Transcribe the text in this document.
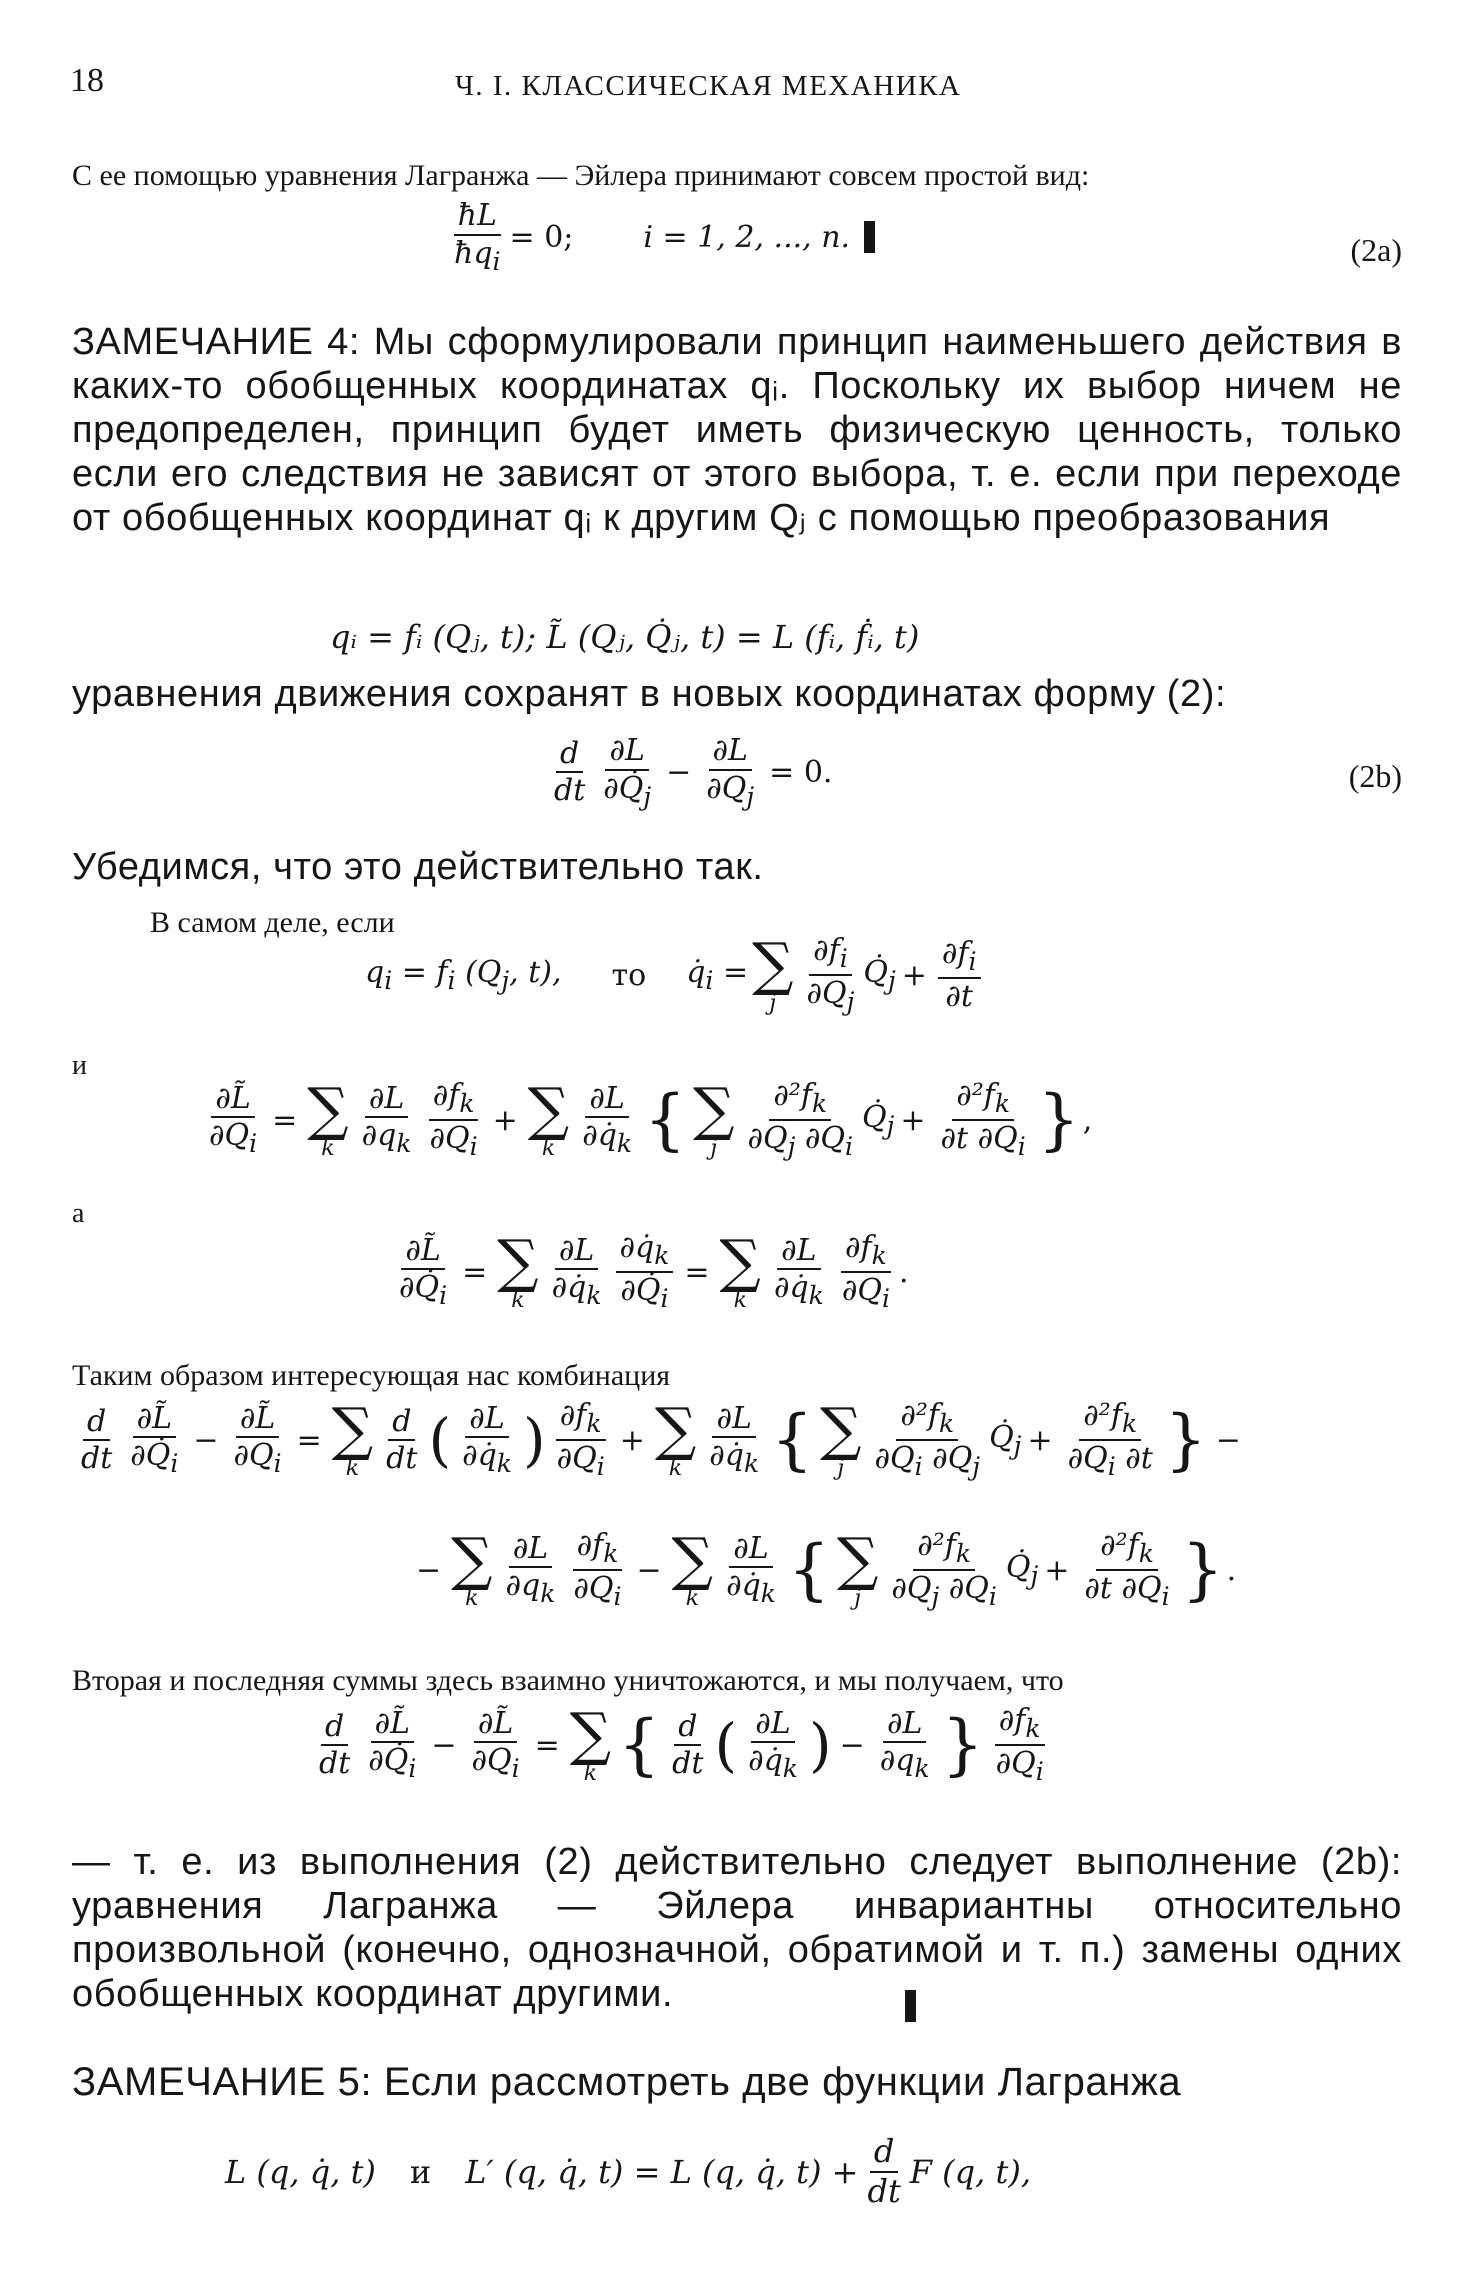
18	Ч. I. КЛАССИЧЕСКАЯ МЕХАНИКА

С ее помощью уравнения Лагранжа — Эйлера принимают совсем простой вид:

$\frac{ħL}{ħq_i} = 0$; i = 1, 2, ..., n.	(2a)

ЗАМЕЧАНИЕ 4: Мы сформулировали принцип наименьшего действия в каких-то обобщенных координатах qᵢ. Поскольку их выбор ничем не предопределен, принцип будет иметь физическую ценность, только если его следствия не зависят от этого выбора, т. е. если при переходе от обобщенных координат qᵢ к другим Qⱼ с помощью преобразования

qᵢ = fᵢ (Qⱼ, t); L̃ (Qⱼ, Q̇ⱼ, t) = L (fᵢ, ḟᵢ, t)

уравнения движения сохранят в новых координатах форму (2):

$\frac{d}{dt} \frac{\partial L}{\partial Q̇_j} - \frac{\partial L}{\partial Q_j} = 0$.	(2b)

Убедимся, что это действительно так.

В самом деле, если

$q_i = f_i$ ($Q_j$, t), то $q̇_i$ = ∑
j $\frac{\partial f_i}{\partial Q_j}$ $Q̇_j + \frac{\partial f_i}{\partial t}$
и
$\frac{\partial L̃}{\partial Q_i}$ = ∑
k $\frac{\partial L}{\partial q_k} \frac{\partial f_k}{\partial Q_i}$ + ∑
k $\frac{\partial L}{\partial q̇_k}$ { ∑
j $\frac{\partial^2f_k}{\partial Q_j \partial Q_i}$ $Q̇_j + \frac{\partial^2f_k}{\partial t \partial Q_i}$ } ,
а
$\frac{\partial L̃}{\partial Q̇_i}$ = ∑
k $\frac{\partial L}{\partial q̇_k} \frac{\partial q̇_k}{\partial Q̇_i}$ = ∑
k $\frac{\partial L}{\partial q̇_k} \frac{\partial f_k}{\partial Q_i}$ .

Таким образом интересующая нас комбинация

$\frac{d}{dt} \frac{\partial L̃}{\partial Q̇_i} - \frac{\partial L̃}{\partial Q_i}$ = ∑
k $\frac{d}{dt}$ ( $\frac{\partial L}{\partial q̇_k}$ ) $\frac{\partial f_k}{\partial Q_i}$ + ∑
k $\frac{\partial L}{\partial q̇_k}$ { ∑
j $\frac{\partial^2f_k}{\partial Q_i \partial Q_j}$ $Q̇_j + \frac{\partial^2f_k}{\partial Q_i \partial t}$ } −
− ∑
k $\frac{\partial L}{\partial q_k} \frac{\partial f_k}{\partial Q_i}$ − ∑
k $\frac{\partial L}{\partial q̇_k}$ { ∑
j $\frac{\partial^2f_k}{\partial Q_j \partial Q_i}$ $Q̇_j + \frac{\partial^2f_k}{\partial t \partial Q_i}$ } .

Вторая и последняя суммы здесь взаимно уничтожаются, и мы получаем, что

$\frac{d}{dt} \frac{\partial L̃}{\partial Q̇_i} - \frac{\partial L̃}{\partial Q_i}$ = ∑
k { $\frac{d}{dt}$ ( $\frac{\partial L}{\partial q̇_k}$ ) − $\frac{\partial L}{\partial q_k}$ } $\frac{\partial f_k}{\partial Q_i}$

— т. е. из выполнения (2) действительно следует выполнение (2b): уравнения Лагранжа — Эйлера инвариантны относительно произвольной (конечно, однозначной, обратимой и т. п.) замены одних обобщенных координат другими.

ЗАМЕЧАНИЕ 5: Если рассмотреть две функции Лагранжа

L (q, q̇, t) и L′ (q, q̇, t) = L (q, q̇, $t) + \frac{d}{dt}$ F (q, t),
